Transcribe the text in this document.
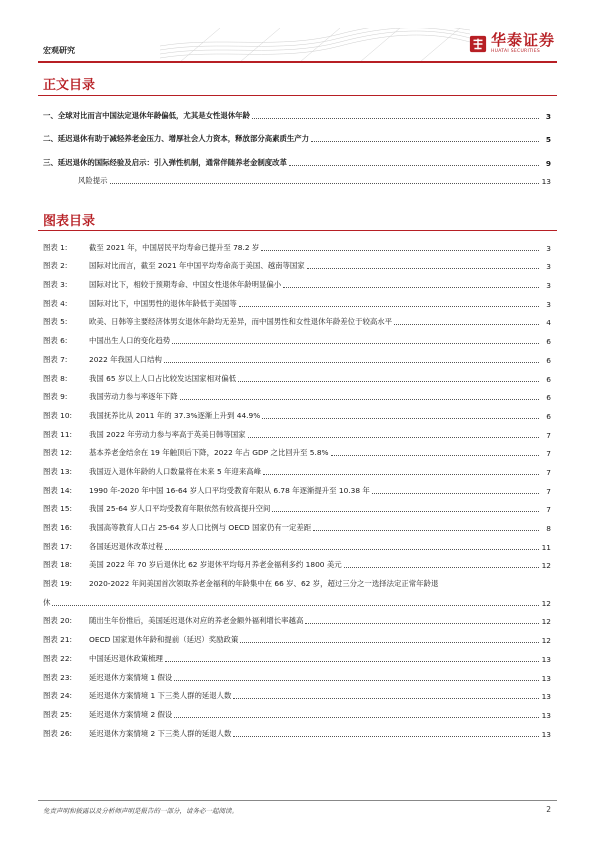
宏观研究
华泰证券
HUATAI SECURITIES
正文目录
一、全球对比而言中国法定退休年龄偏低，尤其是女性退休年龄	3
二、延迟退休有助于减轻养老金压力、增厚社会人力资本，释放部分高素质生产力	5
三、延迟退休的国际经验及启示：引入弹性机制，通常伴随养老金制度改革	9
风险提示	13
图表目录
图表 1:	截至 2021 年，中国居民平均寿命已提升至 78.2 岁	3
图表 2:	国际对比而言，截至 2021 年中国平均寿命高于美国、越南等国家	3
图表 3:	国际对比下，相较于预期寿命、中国女性退休年龄明显偏小	3
图表 4:	国际对比下，中国男性的退休年龄低于美国等	3
图表 5:	欧美、日韩等主要经济体男女退休年龄均无差异，而中国男性和女性退休年龄差位于较高水平	4
图表 6:	中国出生人口的变化趋势	6
图表 7:	2022 年我国人口结构	6
图表 8:	我国 65 岁以上人口占比较发达国家相对偏低	6
图表 9:	我国劳动力参与率逐年下降	6
图表 10:	我国抚养比从 2011 年的 37.3%逐渐上升到 44.9%	6
图表 11:	我国 2022 年劳动力参与率高于英美日韩等国家	7
图表 12:	基本养老金结余在 19 年触顶后下降，2022 年占 GDP 之比回升至 5.8%	7
图表 13:	我国迈入退休年龄的人口数量将在未来 5 年迎来高峰	7
图表 14:	1990 年-2020 年中国 16-64 岁人口平均受教育年限从 6.78 年逐渐提升至 10.38 年	7
图表 15:	我国 25-64 岁人口平均受教育年限依然有较高提升空间	7
图表 16:	我国高等教育人口占 25-64 岁人口比例与 OECD 国家仍有一定差距	8
图表 17:	各国延迟退休改革过程	11
图表 18:	美国 2022 年 70 岁后退休比 62 岁退休平均每月养老金福利多约 1800 美元	12
图表 19:	2020-2022 年间美国首次领取养老金福利的年龄集中在 66 岁、62 岁，超过三分之一选择法定正常年龄退
休	12
图表 20:	随出生年份推后，美国延迟退休对应的养老金额外福利增长率越高	12
图表 21:	OECD 国家退休年龄和提前（延迟）奖励政策	12
图表 22:	中国延迟退休政策梳理	13
图表 23:	延迟退休方案情境 1 假设	13
图表 24:	延迟退休方案情境 1 下三类人群的延退人数	13
图表 25:	延迟退休方案情境 2 假设	13
图表 26:	延迟退休方案情境 2 下三类人群的延退人数	13
免责声明和披露以及分析师声明是报告的一部分，请务必一起阅读。	2
